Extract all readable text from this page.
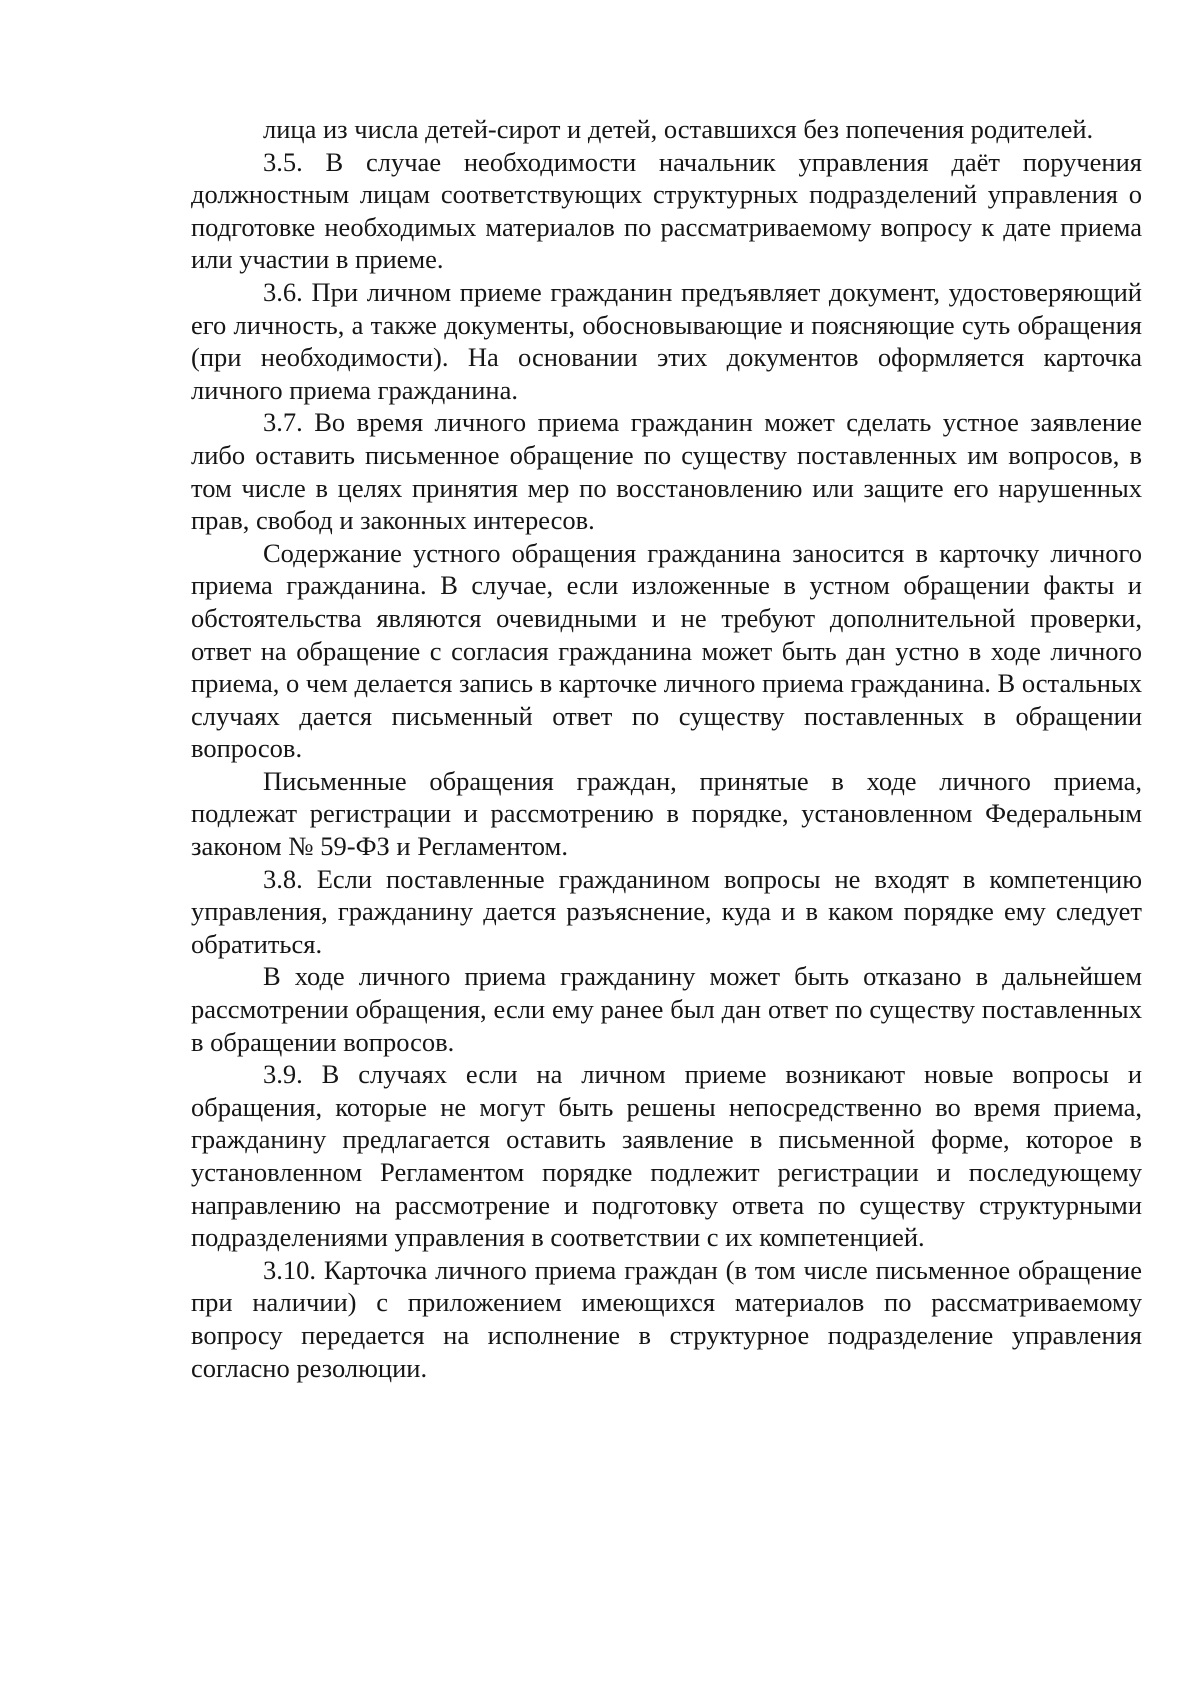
лица из числа детей-сирот и детей, оставшихся без попечения родителей.

3.5. В случае необходимости начальник управления даёт поручения должностным лицам соответствующих структурных подразделений управления о подготовке необходимых материалов по рассматриваемому вопросу к дате приема или участии в приеме.

3.6. При личном приеме гражданин предъявляет документ, удостоверяющий его личность, а также документы, обосновывающие и поясняющие суть обращения (при необходимости). На основании этих документов оформляется карточка личного приема гражданина.

3.7. Во время личного приема гражданин может сделать устное заявление либо оставить письменное обращение по существу поставленных им вопросов, в том числе в целях принятия мер по восстановлению или защите его нарушенных прав, свобод и законных интересов.

Содержание устного обращения гражданина заносится в карточку личного приема гражданина. В случае, если изложенные в устном обращении факты и обстоятельства являются очевидными и не требуют дополнительной проверки, ответ на обращение с согласия гражданина может быть дан устно в ходе личного приема, о чем делается запись в карточке личного приема гражданина. В остальных случаях дается письменный ответ по существу поставленных в обращении вопросов.

Письменные обращения граждан, принятые в ходе личного приема, подлежат регистрации и рассмотрению в порядке, установленном Федеральным законом № 59-ФЗ и Регламентом.

3.8. Если поставленные гражданином вопросы не входят в компетенцию управления, гражданину дается разъяснение, куда и в каком порядке ему следует обратиться.

В ходе личного приема гражданину может быть отказано в дальнейшем рассмотрении обращения, если ему ранее был дан ответ по существу поставленных в обращении вопросов.

3.9. В случаях если на личном приеме возникают новые вопросы и обращения, которые не могут быть решены непосредственно во время приема, гражданину предлагается оставить заявление в письменной форме, которое в установленном Регламентом порядке подлежит регистрации и последующему направлению на рассмотрение и подготовку ответа по существу структурными подразделениями управления в соответствии с их компетенцией.

3.10. Карточка личного приема граждан (в том числе письменное обращение при наличии) с приложением имеющихся материалов по рассматриваемому вопросу передается на исполнение в структурное подразделение управления согласно резолюции.
